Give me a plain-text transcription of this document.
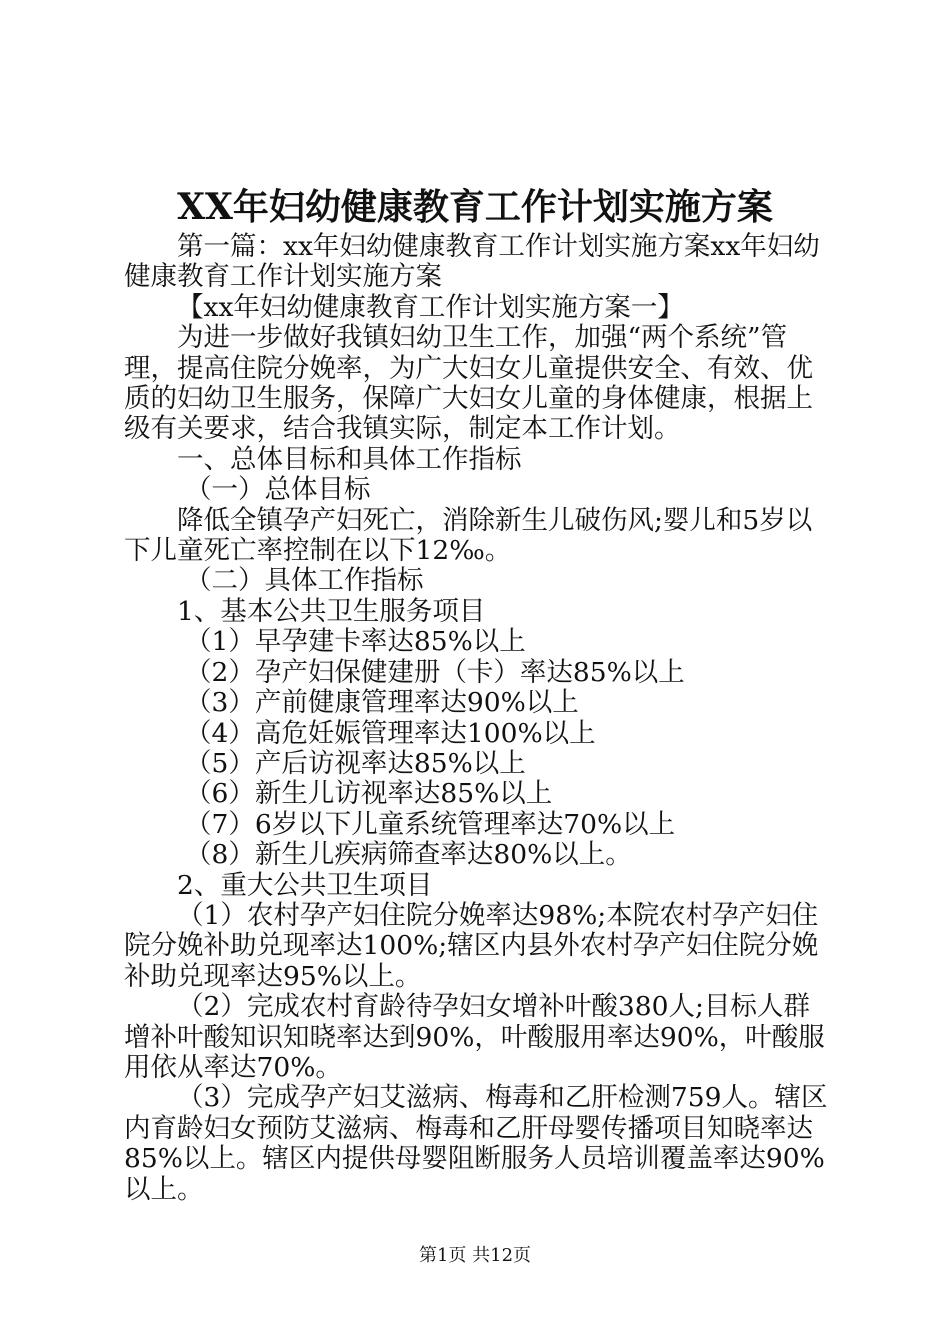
XX年妇幼健康教育工作计划实施方案

第一篇：xx年妇幼健康教育工作计划实施方案xx年妇幼健康教育工作计划实施方案

【xx年妇幼健康教育工作计划实施方案一】

为进一步做好我镇妇幼卫生工作，加强“两个系统”管理，提高住院分娩率，为广大妇女儿童提供安全、有效、优质的妇幼卫生服务，保障广大妇女儿童的身体健康，根据上级有关要求，结合我镇实际，制定本工作计划。

一、总体目标和具体工作指标

（一）总体目标

降低全镇孕产妇死亡，消除新生儿破伤风;婴儿和5岁以下儿童死亡率控制在以下12‰。

（二）具体工作指标

1、基本公共卫生服务项目

（1）早孕建卡率达85%以上

（2）孕产妇保健建册（卡）率达85%以上

（3）产前健康管理率达90%以上

（4）高危妊娠管理率达100%以上

（5）产后访视率达85%以上

（6）新生儿访视率达85%以上

（7）6岁以下儿童系统管理率达70%以上

（8）新生儿疾病筛查率达80%以上。

2、重大公共卫生项目

（1）农村孕产妇住院分娩率达98%;本院农村孕产妇住院分娩补助兑现率达100%;辖区内县外农村孕产妇住院分娩补助兑现率达95%以上。

（2）完成农村育龄待孕妇女增补叶酸380人;目标人群增补叶酸知识知晓率达到90%，叶酸服用率达90%，叶酸服用依从率达70%。

（3）完成孕产妇艾滋病、梅毒和乙肝检测759人。辖区内育龄妇女预防艾滋病、梅毒和乙肝母婴传播项目知晓率达85%以上。辖区内提供母婴阻断服务人员培训覆盖率达90%以上。

第1页 共12页
